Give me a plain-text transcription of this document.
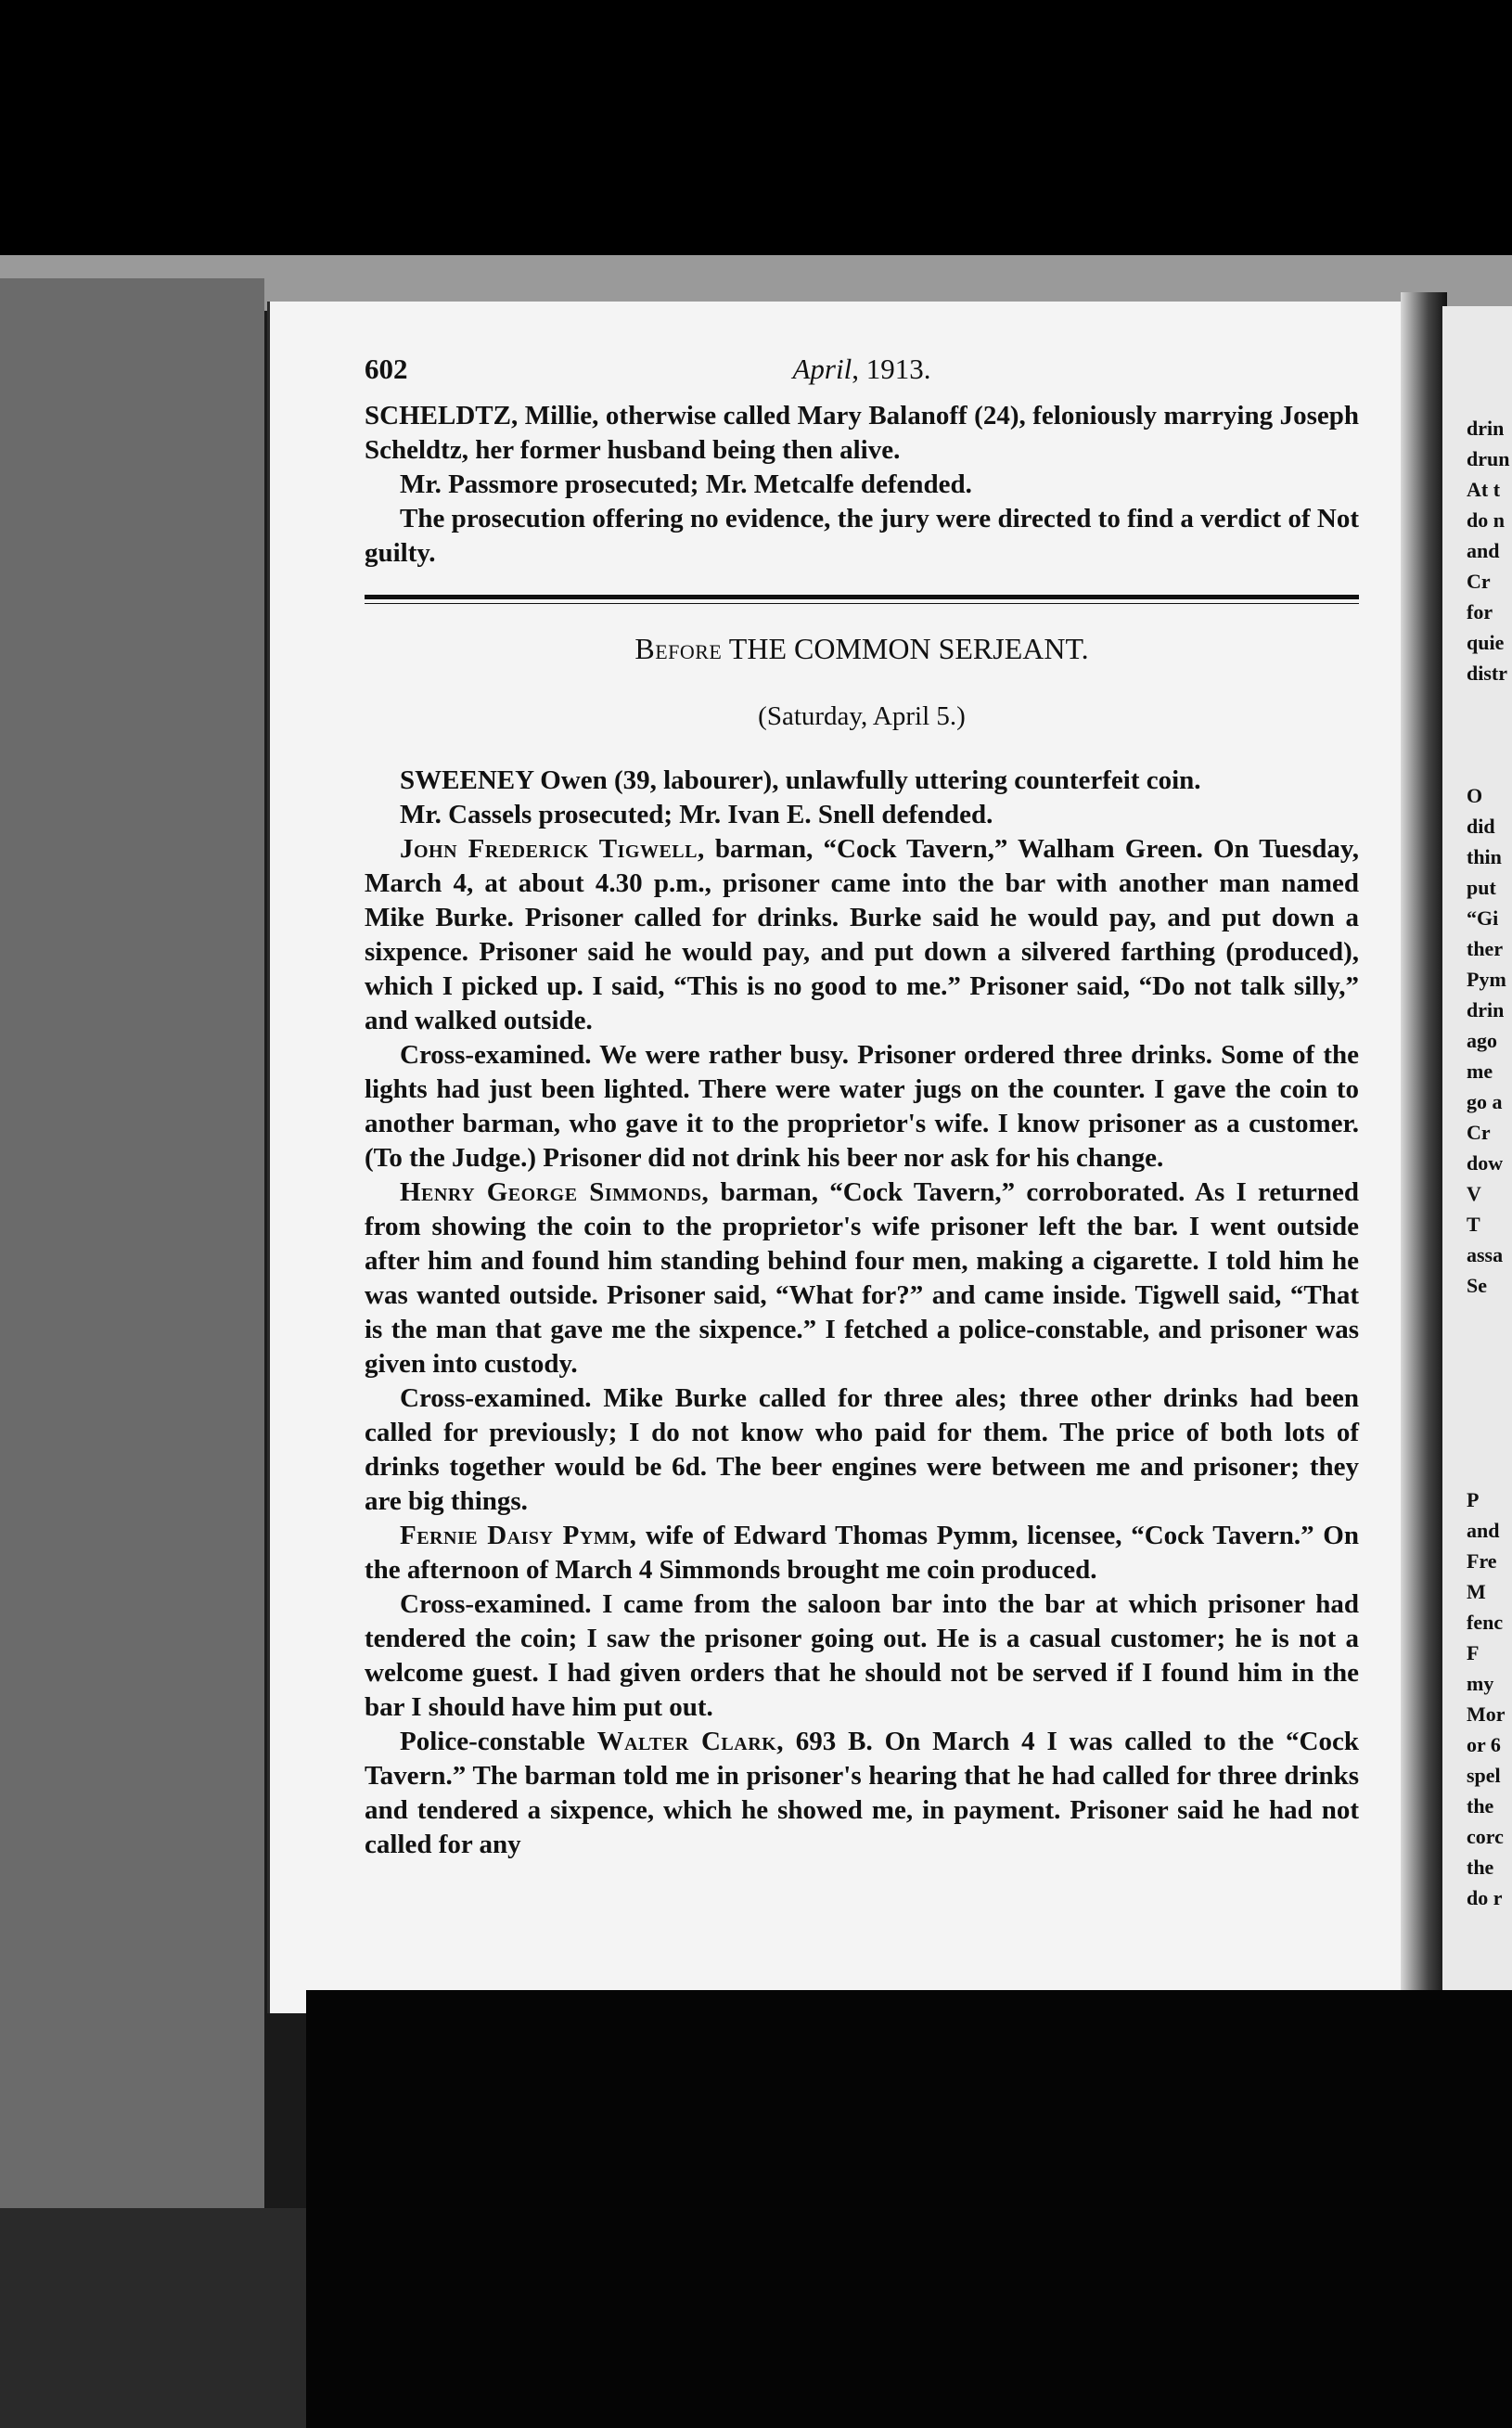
602	April, 1913.

SCHELDTZ, Millie, otherwise called Mary Balanoff (24), feloniously marrying Joseph Scheldtz, her former husband being then alive.

Mr. Passmore prosecuted; Mr. Metcalfe defended.

The prosecution offering no evidence, the jury were directed to find a verdict of Not guilty.

Before THE COMMON SERJEANT.
(Saturday, April 5.)

SWEENEY Owen (39, labourer), unlawfully uttering counterfeit coin.

Mr. Cassels prosecuted; Mr. Ivan E. Snell defended.

John Frederick Tigwell, barman, “Cock Tavern,” Walham Green. On Tuesday, March 4, at about 4.30 p.m., prisoner came into the bar with another man named Mike Burke. Prisoner called for drinks. Burke said he would pay, and put down a sixpence. Prisoner said he would pay, and put down a silvered farthing (produced), which I picked up. I said, “This is no good to me.” Prisoner said, “Do not talk silly,” and walked outside.

Cross-examined. We were rather busy. Prisoner ordered three drinks. Some of the lights had just been lighted. There were water jugs on the counter. I gave the coin to another barman, who gave it to the proprietor's wife. I know prisoner as a customer. (To the Judge.) Prisoner did not drink his beer nor ask for his change.

Henry George Simmonds, barman, “Cock Tavern,” corroborated. As I returned from showing the coin to the proprietor's wife prisoner left the bar. I went outside after him and found him standing behind four men, making a cigarette. I told him he was wanted outside. Prisoner said, “What for?” and came inside. Tigwell said, “That is the man that gave me the sixpence.” I fetched a police-constable, and prisoner was given into custody.

Cross-examined. Mike Burke called for three ales; three other drinks had been called for previously; I do not know who paid for them. The price of both lots of drinks together would be 6d. The beer engines were between me and prisoner; they are big things.

Fernie Daisy Pymm, wife of Edward Thomas Pymm, licensee, “Cock Tavern.” On the afternoon of March 4 Simmonds brought me coin produced.

Cross-examined. I came from the saloon bar into the bar at which prisoner had tendered the coin; I saw the prisoner going out. He is a casual customer; he is not a welcome guest. I had given orders that he should not be served if I found him in the bar I should have him put out.

Police-constable Walter Clark, 693 B. On March 4 I was called to the “Cock Tavern.” The barman told me in prisoner's hearing that he had called for three drinks and tendered a sixpence, which he showed me, in payment. Prisoner said he had not called for any

drin
drun
At t
do n
and
Cr
for
quie
distr

O
did
thin
put
“Gi
ther
Pym
drin
ago
me
go a
Cr
dow
V
T
assa
Se

P
and
Fre
M
fenc
F
my
Mor
or 6
spel
the
corc
the
do r
